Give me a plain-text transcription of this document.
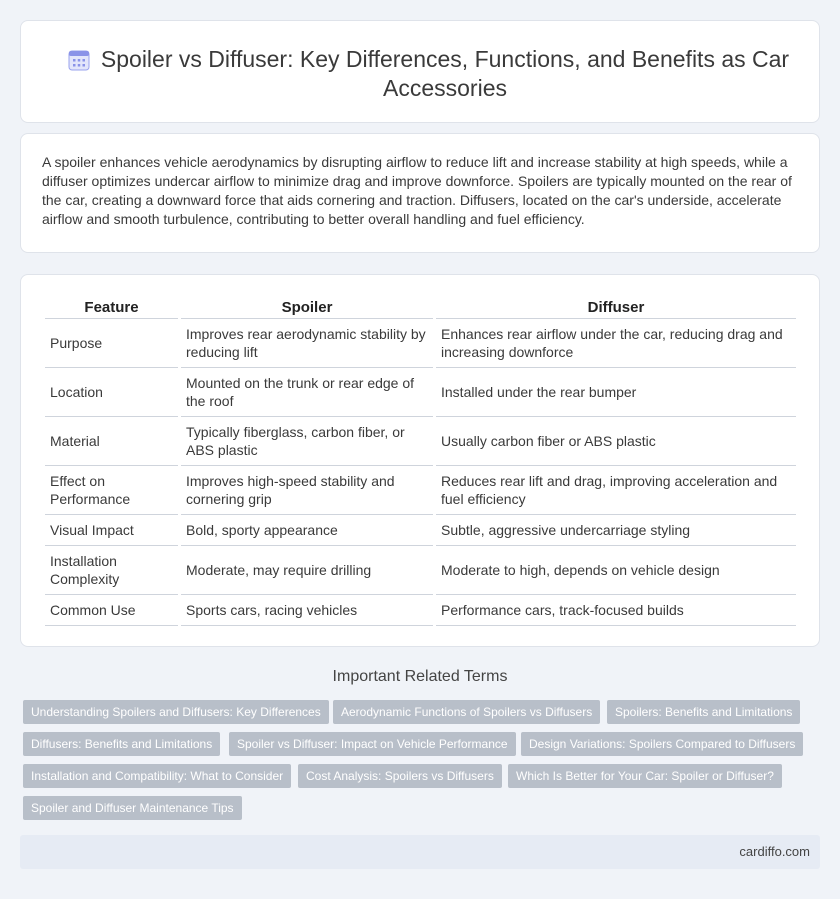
Spoiler vs Diffuser: Key Differences, Functions, and Benefits as Car Accessories

A spoiler enhances vehicle aerodynamics by disrupting airflow to reduce lift and increase stability at high speeds, while a diffuser optimizes undercar airflow to minimize drag and improve downforce. Spoilers are typically mounted on the rear of the car, creating a downward force that aids cornering and traction. Diffusers, located on the car's underside, accelerate airflow and smooth turbulence, contributing to better overall handling and fuel efficiency.

Feature	Spoiler	Diffuser
Purpose	Improves rear aerodynamic stability by reducing lift	Enhances rear airflow under the car, reducing drag and increasing downforce
Location	Mounted on the trunk or rear edge of the roof	Installed under the rear bumper
Material	Typically fiberglass, carbon fiber, or ABS plastic	Usually carbon fiber or ABS plastic
Effect on Performance	Improves high-speed stability and cornering grip	Reduces rear lift and drag, improving acceleration and fuel efficiency
Visual Impact	Bold, sporty appearance	Subtle, aggressive undercarriage styling
Installation Complexity	Moderate, may require drilling	Moderate to high, depends on vehicle design
Common Use	Sports cars, racing vehicles	Performance cars, track-focused builds
Important Related Terms
Understanding Spoilers and Diffusers: Key Differences	Aerodynamic Functions of Spoilers vs Diffusers	Spoilers: Benefits and Limitations
Diffusers: Benefits and Limitations	Spoiler vs Diffuser: Impact on Vehicle Performance	Design Variations: Spoilers Compared to Diffusers
Installation and Compatibility: What to Consider	Cost Analysis: Spoilers vs Diffusers	Which Is Better for Your Car: Spoiler or Diffuser?
Spoiler and Diffuser Maintenance Tips
cardiffo.com
